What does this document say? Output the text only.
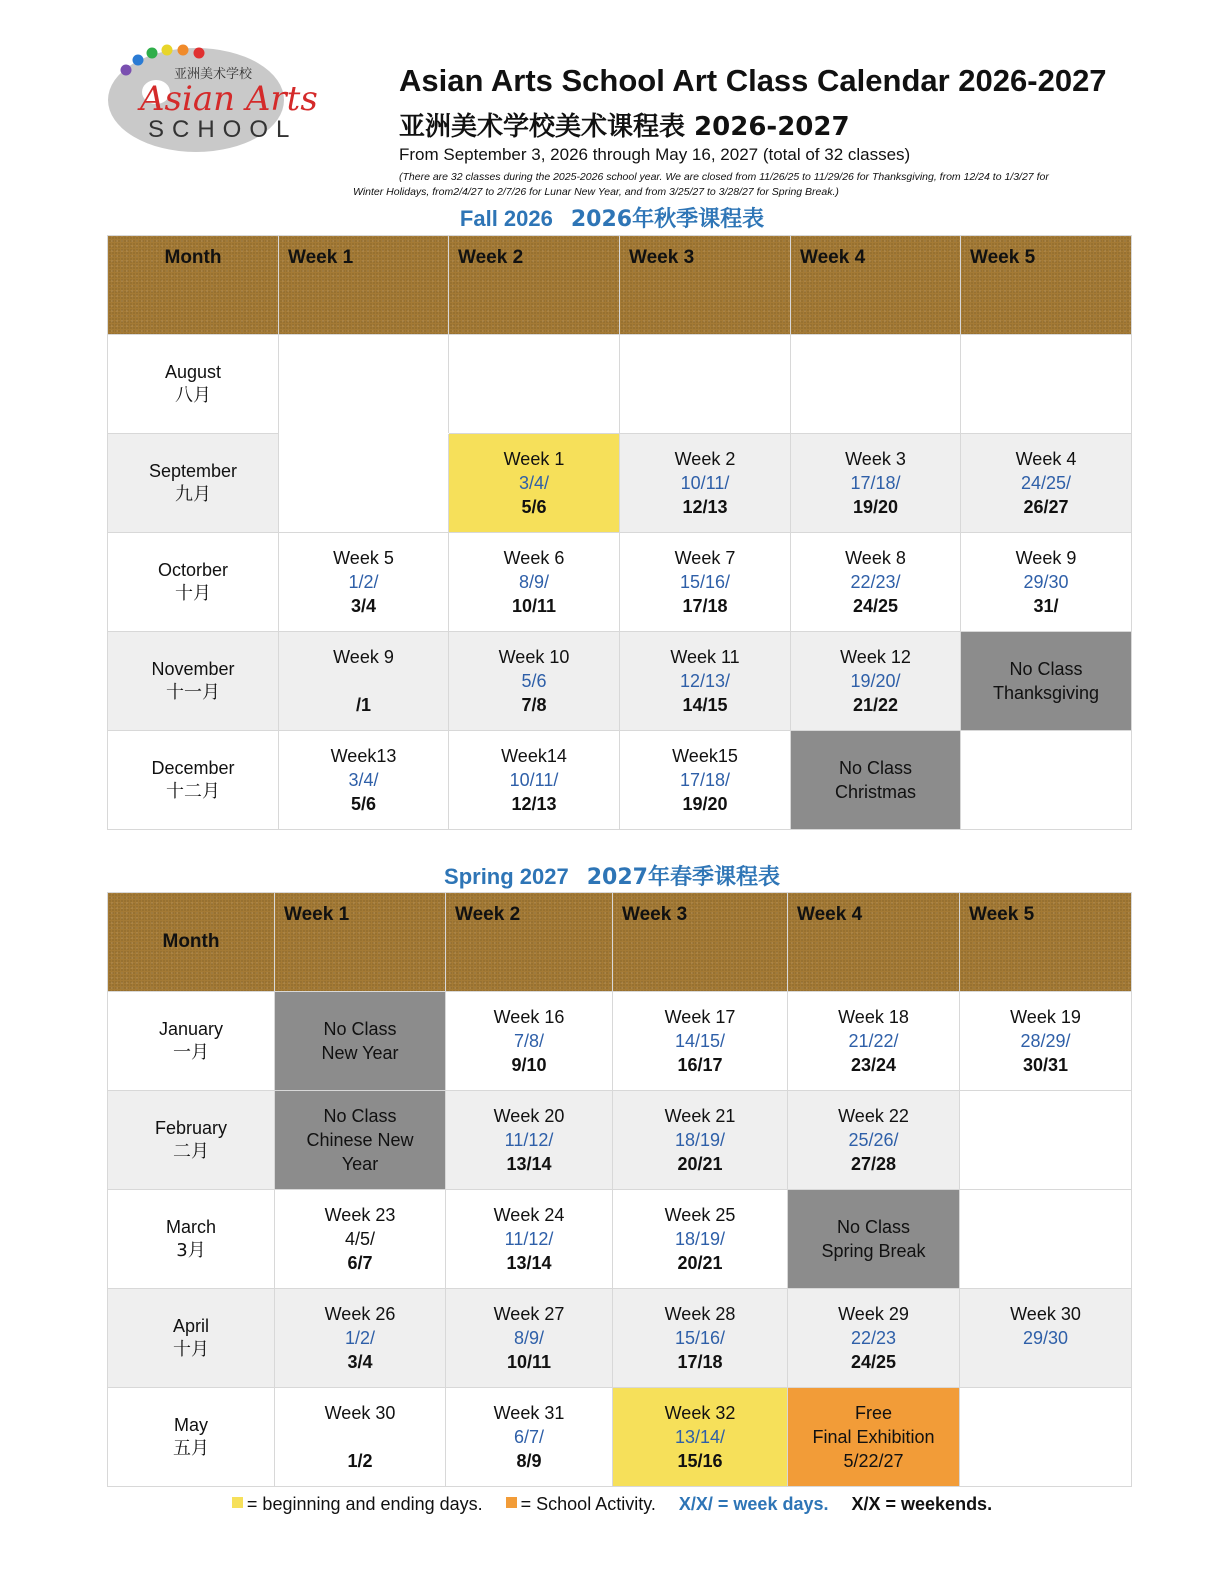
亚洲美术学校
Asian Arts
SCHOOL
Asian Arts School Art Class Calendar 2026-2027
亚洲美术学校美术课程表 2026-2027
From September 3, 2026 through May 16, 2027 (total of 32 classes)
(There are 32 classes during the 2025-2026 school year. We are closed from 11/26/25 to 11/29/26 for Thanksgiving, from 12/24 to 1/3/27 for
Winter Holidays, from2/4/27 to 2/7/26 for Lunar New Year, and from 3/25/27 to 3/28/27 for Spring Break.)
Fall 2026 2026年秋季课程表
Month	Week 1	Week 2	Week 3	Week 4	Week 5

August
八月					

September
九月		Week 1
3/4/
5/6	Week 2
10/11/
12/13	Week 3
17/18/
19/20	Week 4
24/25/
26/27

Octorber
十月	Week 5
1/2/
3/4	Week 6
8/9/
10/11	Week 7
15/16/
17/18	Week 8
22/23/
24/25	Week 9
29/30
31/

November
十一月	Week 9
/1	Week 10
5/6
7/8	Week 11
12/13/
14/15	Week 12
19/20/
21/22	No Class
Thanksgiving

December
十二月	Week13
3/4/
5/6	Week14
10/11/
12/13	Week15
17/18/
19/20	No Class
Christmas	

Spring 2027 2027年春季课程表
Month	Week 1	Week 2	Week 3	Week 4	Week 5

January
一月	No Class
New Year	Week 16
7/8/
9/10	Week 17
14/15/
16/17	Week 18
21/22/
23/24	Week 19
28/29/
30/31

February
二月	No Class
Chinese New
Year	Week 20
11/12/
13/14	Week 21
18/19/
20/21	Week 22
25/26/
27/28	

March
3月	Week 23
4/5/
6/7	Week 24
11/12/
13/14	Week 25
18/19/
20/21	No Class
Spring Break	

April
十月	Week 26
1/2/
3/4	Week 27
8/9/
10/11	Week 28
15/16/
17/18	Week 29
22/23
24/25	Week 30
29/30

May
五月	Week 30
1/2	Week 31
6/7/
8/9	Week 32
13/14/
15/16	Free
Final Exhibition
5/22/27	

= beginning and ending days. = School Activity. X/X/ = week days. X/X = weekends.
